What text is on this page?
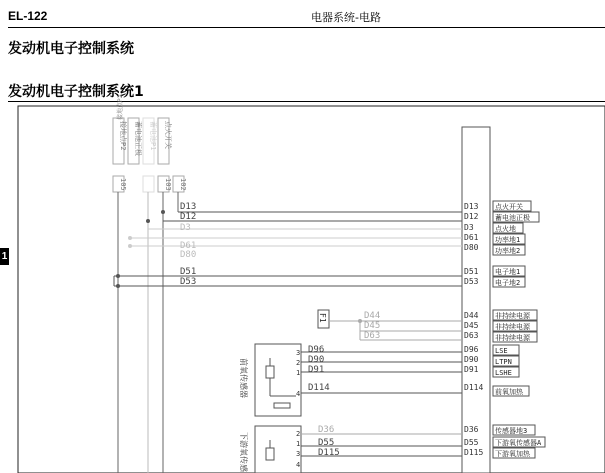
EL-122	电器系统-电路
发动机电子控制系统
发动机电子控制系统1
1
接地点P2
接地点P2 蓄电池正极 蓄电池P1 点火开关
105	103 102
D13
D12
D3
D61
D80
D51
D53
F1	D44
D45
D63
前氧传感器
3
2
1
4
D96
D90
D91
D114
下游氧传感	2
1
3
4
D36
D55
D115
D13
D12
D3
D61
D80
D51
D53
D44
D45
D63
D96
D90
D91
D114
D36
D55
D115
点火开关
蓄电池正极
点火地
功率地1
功率地2
电子地1
电子地2
非持续电源
非持续电源
非持续电源
LSE
LTPN
LSHE
前氧加热
传感器地3
下游氧传感器A
下游氧加热
